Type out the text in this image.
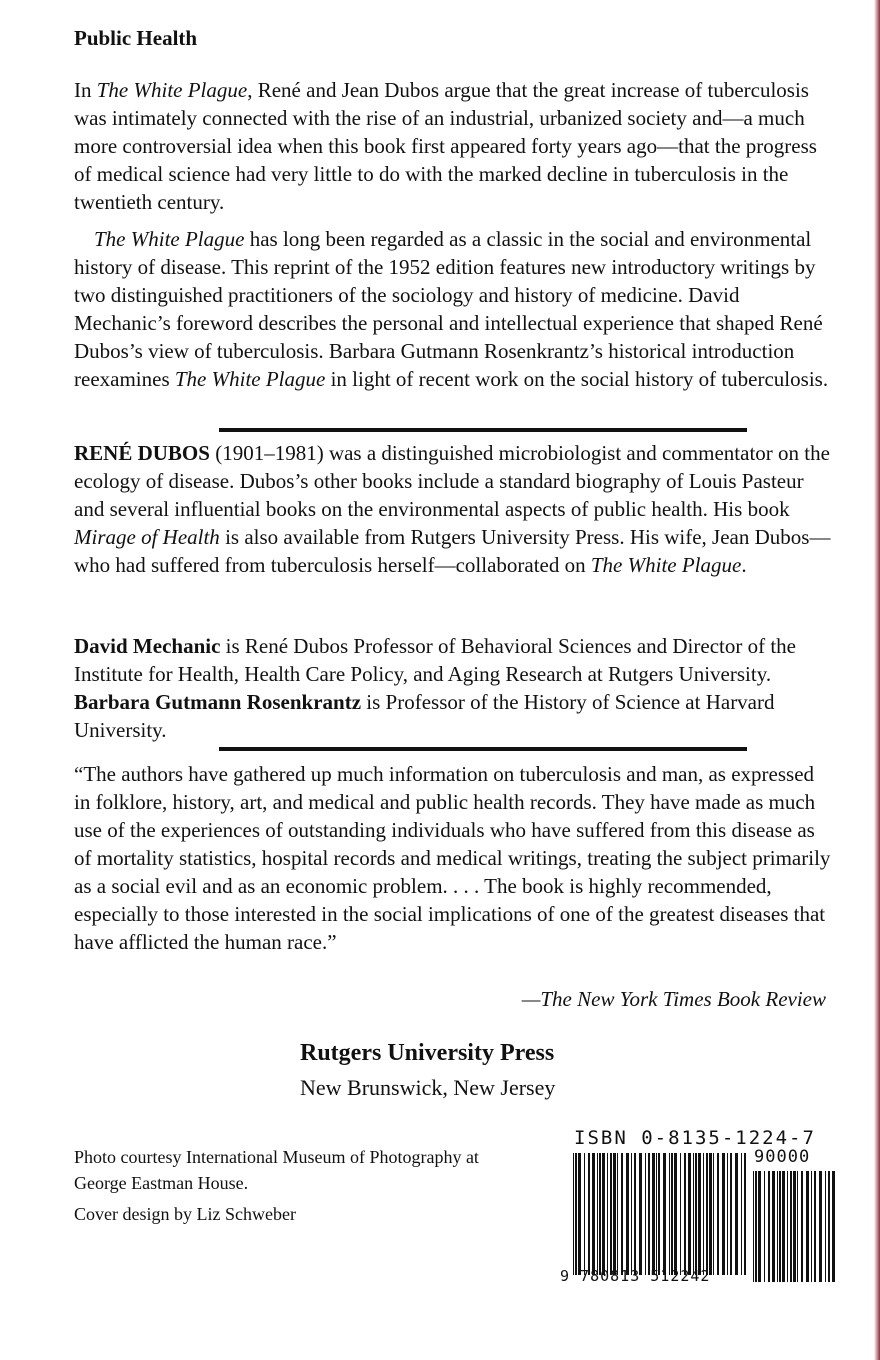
Public Health

In The White Plague, René and Jean Dubos argue that the great increase of tuberculosis was intimately connected with the rise of an industrial, urbanized society and—a much more controversial idea when this book first appeared forty years ago—that the progress of medical science had very little to do with the marked decline in tuberculosis in the twentieth century.

The White Plague has long been regarded as a classic in the social and environmental history of disease. This reprint of the 1952 edition features new introductory writings by two distinguished practitioners of the sociology and history of medicine. David Mechanic’s foreword describes the personal and intellectual experience that shaped René Dubos’s view of tuberculosis. Barbara Gutmann Rosenkrantz’s historical introduction reexamines The White Plague in light of recent work on the social history of tuberculosis.

RENÉ DUBOS (1901–1981) was a distinguished microbiologist and commentator on the ecology of disease. Dubos’s other books include a standard biography of Louis Pasteur and several influential books on the environmental aspects of public health. His book Mirage of Health is also available from Rutgers University Press. His wife, Jean Dubos—who had suffered from tuberculosis herself—collaborated on The White Plague.

David Mechanic is René Dubos Professor of Behavioral Sciences and Director of the Institute for Health, Health Care Policy, and Aging Research at Rutgers University. Barbara Gutmann Rosenkrantz is Professor of the History of Science at Harvard University.

“The authors have gathered up much information on tuberculosis and man, as expressed in folklore, history, art, and medical and public health records. They have made as much use of the experiences of outstanding individuals who have suffered from this disease as of mortality statistics, hospital records and medical writings, treating the subject primarily as a social evil and as an economic problem. . . . The book is highly recommended, especially to those interested in the social implications of one of the greatest diseases that have afflicted the human race.”

—The New York Times Book Review
Rutgers University Press
New Brunswick, New Jersey
Photo courtesy International Museum of Photography at George Eastman House.
Cover design by Liz Schweber
ISBN 0-8135-1224-7
9 780813 512242
90000
